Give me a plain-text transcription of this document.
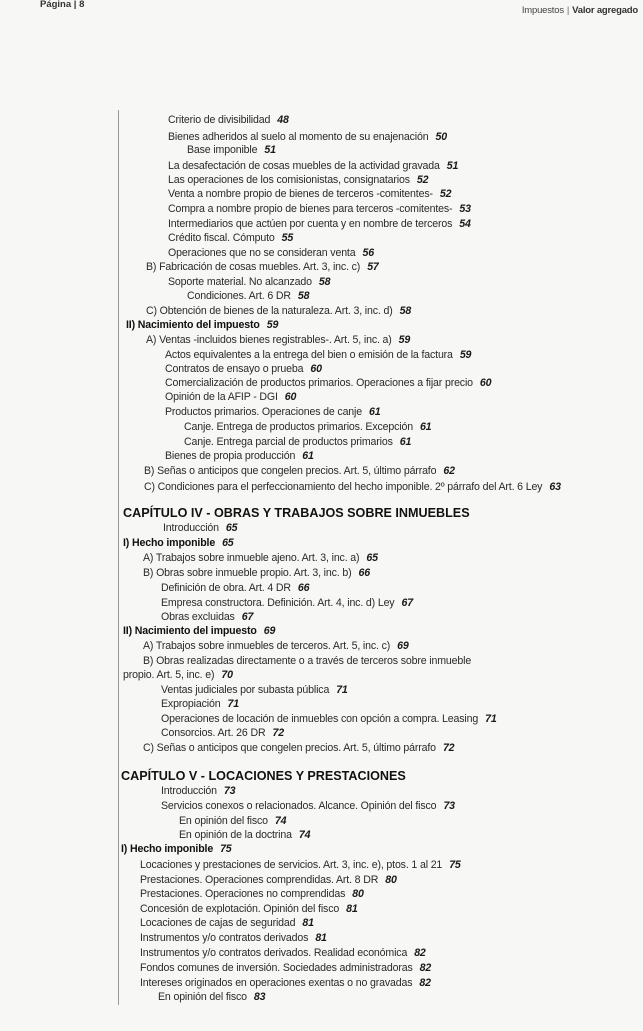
Página | 8
Impuestos | Valor agregado
Criterio de divisibilidad 48
Bienes adheridos al suelo al momento de su enajenación 50
Base imponible 51
La desafectación de cosas muebles de la actividad gravada 51
Las operaciones de los comisionistas, consignatarios 52
Venta a nombre propio de bienes de terceros -comitentes- 52
Compra a nombre propio de bienes para terceros -comitentes- 53
Intermediarios que actúen por cuenta y en nombre de terceros 54
Crédito fiscal. Cómputo 55
Operaciones que no se consideran venta 56
B) Fabricación de cosas muebles. Art. 3, inc. c) 57
Soporte material. No alcanzado 58
Condiciones. Art. 6 DR 58
C) Obtención de bienes de la naturaleza. Art. 3, inc. d) 58
II) Nacimiento del impuesto 59
A) Ventas -incluidos bienes registrables-. Art. 5, inc. a) 59
Actos equivalentes a la entrega del bien o emisión de la factura 59
Contratos de ensayo o prueba 60
Comercialización de productos primarios. Operaciones a fijar precio 60
Opinión de la AFIP - DGI 60
Productos primarios. Operaciones de canje 61
Canje. Entrega de productos primarios. Excepción 61
Canje. Entrega parcial de productos primarios 61
Bienes de propia producción 61
B) Señas o anticipos que congelen precios. Art. 5, último párrafo 62
C) Condiciones para el perfeccionamiento del hecho imponible. 2º párrafo del Art. 6 Ley 63
CAPÍTULO IV - OBRAS Y TRABAJOS SOBRE INMUEBLES
Introducción 65
I) Hecho imponible 65
A) Trabajos sobre inmueble ajeno. Art. 3, inc. a) 65
B) Obras sobre inmueble propio. Art. 3, inc. b) 66
Definición de obra. Art. 4 DR 66
Empresa constructora. Definición. Art. 4, inc. d) Ley 67
Obras excluidas 67
II) Nacimiento del impuesto 69
A) Trabajos sobre inmuebles de terceros. Art. 5, inc. c) 69
B) Obras realizadas directamente o a través de terceros sobre inmueble
propio. Art. 5, inc. e) 70
Ventas judiciales por subasta pública 71
Expropiación 71
Operaciones de locación de inmuebles con opción a compra. Leasing 71
Consorcios. Art. 26 DR 72
C) Señas o anticipos que congelen precios. Art. 5, último párrafo 72
CAPÍTULO V - LOCACIONES Y PRESTACIONES
Introducción 73
Servicios conexos o relacionados. Alcance. Opinión del fisco 73
En opinión del fisco 74
En opinión de la doctrina 74
I) Hecho imponible 75
Locaciones y prestaciones de servicios. Art. 3, inc. e), ptos. 1 al 21 75
Prestaciones. Operaciones comprendidas. Art. 8 DR 80
Prestaciones. Operaciones no comprendidas 80
Concesión de explotación. Opinión del fisco 81
Locaciones de cajas de seguridad 81
Instrumentos y/o contratos derivados 81
Instrumentos y/o contratos derivados. Realidad económica 82
Fondos comunes de inversión. Sociedades administradoras 82
Intereses originados en operaciones exentas o no gravadas 82
En opinión del fisco 83
